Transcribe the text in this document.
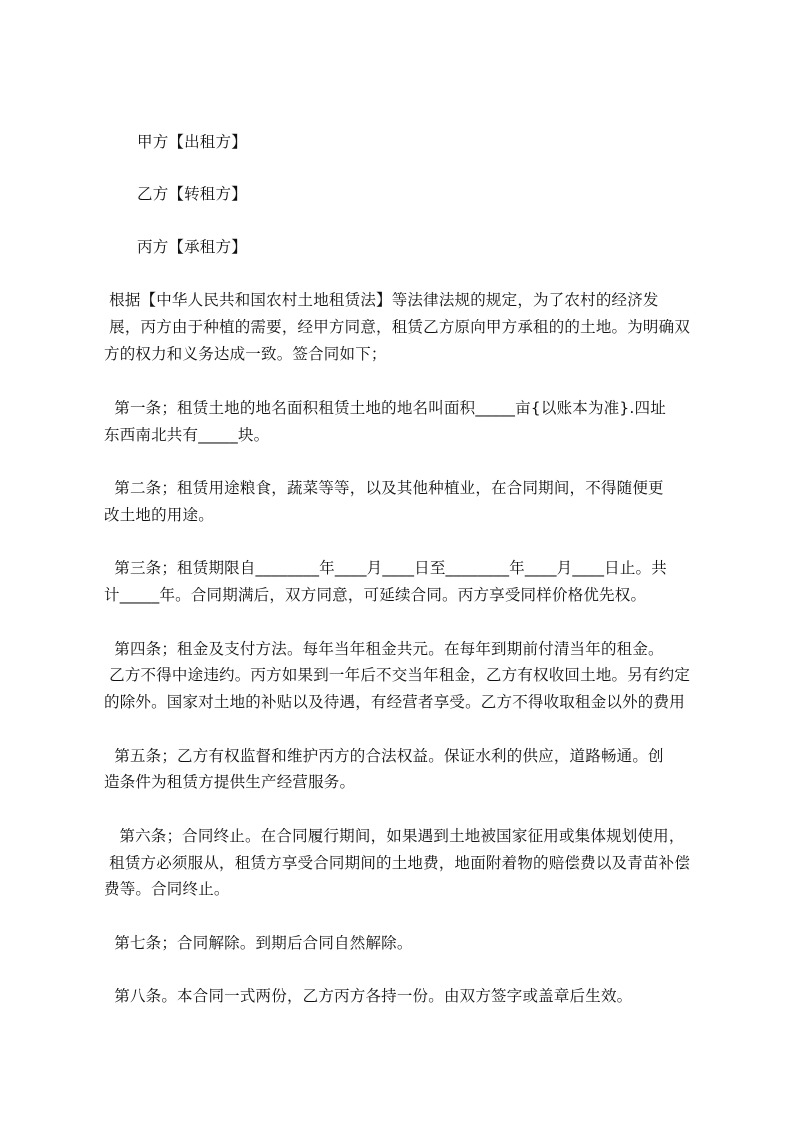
甲方【出租方】
乙方【转租方】
丙方【承租方】
根据【中华人民共和国农村土地租赁法】等法律法规的规定，为了农村的经济发
展，丙方由于种植的需要，经甲方同意，租赁乙方原向甲方承租的的土地。为明确双
方的权力和义务达成一致。签合同如下；
第一条；租赁土地的地名面积租赁土地的地名叫面积_____亩{以账本为准}.四址
东西南北共有_____块。
第二条；租赁用途粮食，蔬菜等等，以及其他种植业，在合同期间，不得随便更
改土地的用途。
第三条；租赁期限自________年____月____日至________年____月____日止。共
计_____年。合同期满后，双方同意，可延续合同。丙方享受同样价格优先权。
第四条；租金及支付方法。每年当年租金共元。在每年到期前付清当年的租金。
乙方不得中途违约。丙方如果到一年后不交当年租金，乙方有权收回土地。另有约定
的除外。国家对土地的补贴以及待遇，有经营者享受。乙方不得收取租金以外的费用
第五条；乙方有权监督和维护丙方的合法权益。保证水利的供应，道路畅通。创
造条件为租赁方提供生产经营服务。
第六条；合同终止。在合同履行期间，如果遇到土地被国家征用或集体规划使用，
租赁方必须服从，租赁方享受合同期间的土地费，地面附着物的赔偿费以及青苗补偿
费等。合同终止。
第七条；合同解除。到期后合同自然解除。
第八条。本合同一式两份，乙方丙方各持一份。由双方签字或盖章后生效。
